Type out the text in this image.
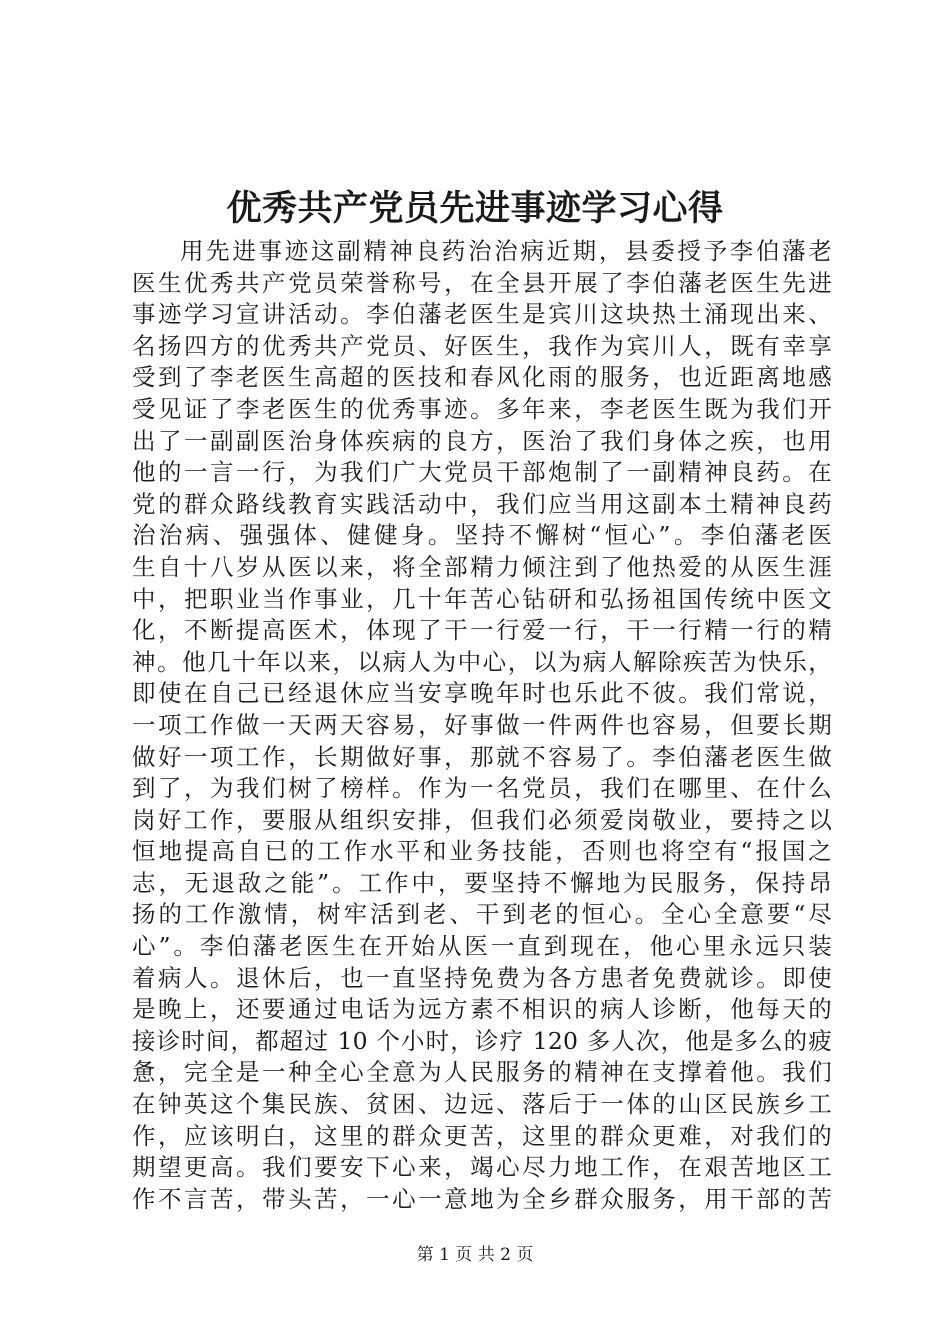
优秀共产党员先进事迹学习心得
用先进事迹这副精神良药治治病近期，县委授予李伯藩老
医生优秀共产党员荣誉称号，在全县开展了李伯藩老医生先进
事迹学习宣讲活动。李伯藩老医生是宾川这块热土涌现出来、
名扬四方的优秀共产党员、好医生，我作为宾川人，既有幸享
受到了李老医生高超的医技和春风化雨的服务，也近距离地感
受见证了李老医生的优秀事迹。多年来，李老医生既为我们开
出了一副副医治身体疾病的良方，医治了我们身体之疾，也用
他的一言一行，为我们广大党员干部炮制了一副精神良药。在
党的群众路线教育实践活动中，我们应当用这副本土精神良药
治治病、强强体、健健身。坚持不懈树“恒心”。李伯藩老医
生自十八岁从医以来，将全部精力倾注到了他热爱的从医生涯
中，把职业当作事业，几十年苦心钻研和弘扬祖国传统中医文
化，不断提高医术，体现了干一行爱一行，干一行精一行的精
神。他几十年以来，以病人为中心，以为病人解除疾苦为快乐，
即使在自己已经退休应当安享晚年时也乐此不彼。我们常说，
一项工作做一天两天容易，好事做一件两件也容易，但要长期
做好一项工作，长期做好事，那就不容易了。李伯藩老医生做
到了，为我们树了榜样。作为一名党员，我们在哪里、在什么
岗好工作，要服从组织安排，但我们必须爱岗敬业，要持之以
恒地提高自已的工作水平和业务技能，否则也将空有“报国之
志，无退敌之能”。工作中，要坚持不懈地为民服务，保持昂
扬的工作激情，树牢活到老、干到老的恒心。全心全意要“尽
心”。李伯藩老医生在开始从医一直到现在，他心里永远只装
着病人。退休后，也一直坚持免费为各方患者免费就诊。即使
是晚上，还要通过电话为远方素不相识的病人诊断，他每天的
接诊时间，都超过 10 个小时，诊疗 120 多人次，他是多么的疲
惫，完全是一种全心全意为人民服务的精神在支撑着他。我们
在钟英这个集民族、贫困、边远、落后于一体的山区民族乡工
作，应该明白，这里的群众更苦，这里的群众更难，对我们的
期望更高。我们要安下心来，竭心尽力地工作，在艰苦地区工
作不言苦，带头苦，一心一意地为全乡群众服务，用干部的苦
第 1 页 共 2 页
